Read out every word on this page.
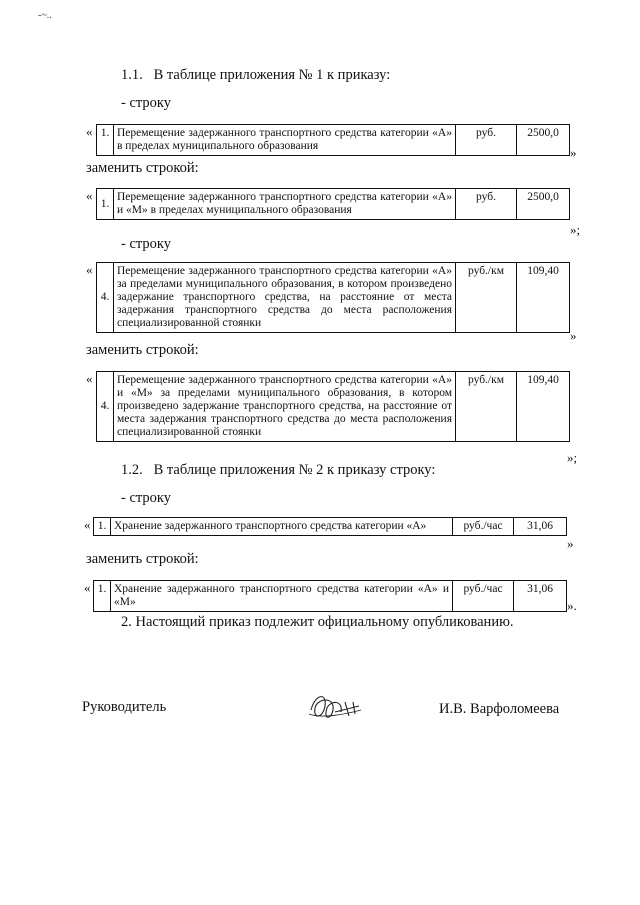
-~..
1.1.   В таблице приложения № 1 к приказу:
- строку
« 1.	Перемещение задержанного транспортного средства категории «А» в пределах муниципального образования	руб.	2500,0
»
заменить строкой:
«
1.	Перемещение задержанного транспортного средства категории «А» и «М» в пределах муниципального образования	руб.	2500,0
»;
- строку
«
4.	Перемещение задержанного транспортного средства категории «А» за пределами муниципального образования, в котором произведено задержание транспортного средства, на расстояние от места задержания транспортного средства до места расположения специализированной стоянки	руб./км	109,40
»
заменить строкой:
«
4.	Перемещение задержанного транспортного средства категории «А» и «М» за пределами муниципального образования, в котором произведено задержание транспортного средства, на расстояние от места задержания транспортного средства до места расположения специализированной стоянки	руб./км	109,40
»;
1.2.   В таблице приложения № 2 к приказу строку:
- строку
« 1.	Хранение задержанного транспортного средства категории «А»	руб./час	31,06
»
заменить строкой:
« 1.	Хранение задержанного транспортного средства категории «А» и «М»	руб./час	31,06
».
2. Настоящий приказ подлежит официальному опубликованию.
Руководитель	И.В. Варфоломеева
